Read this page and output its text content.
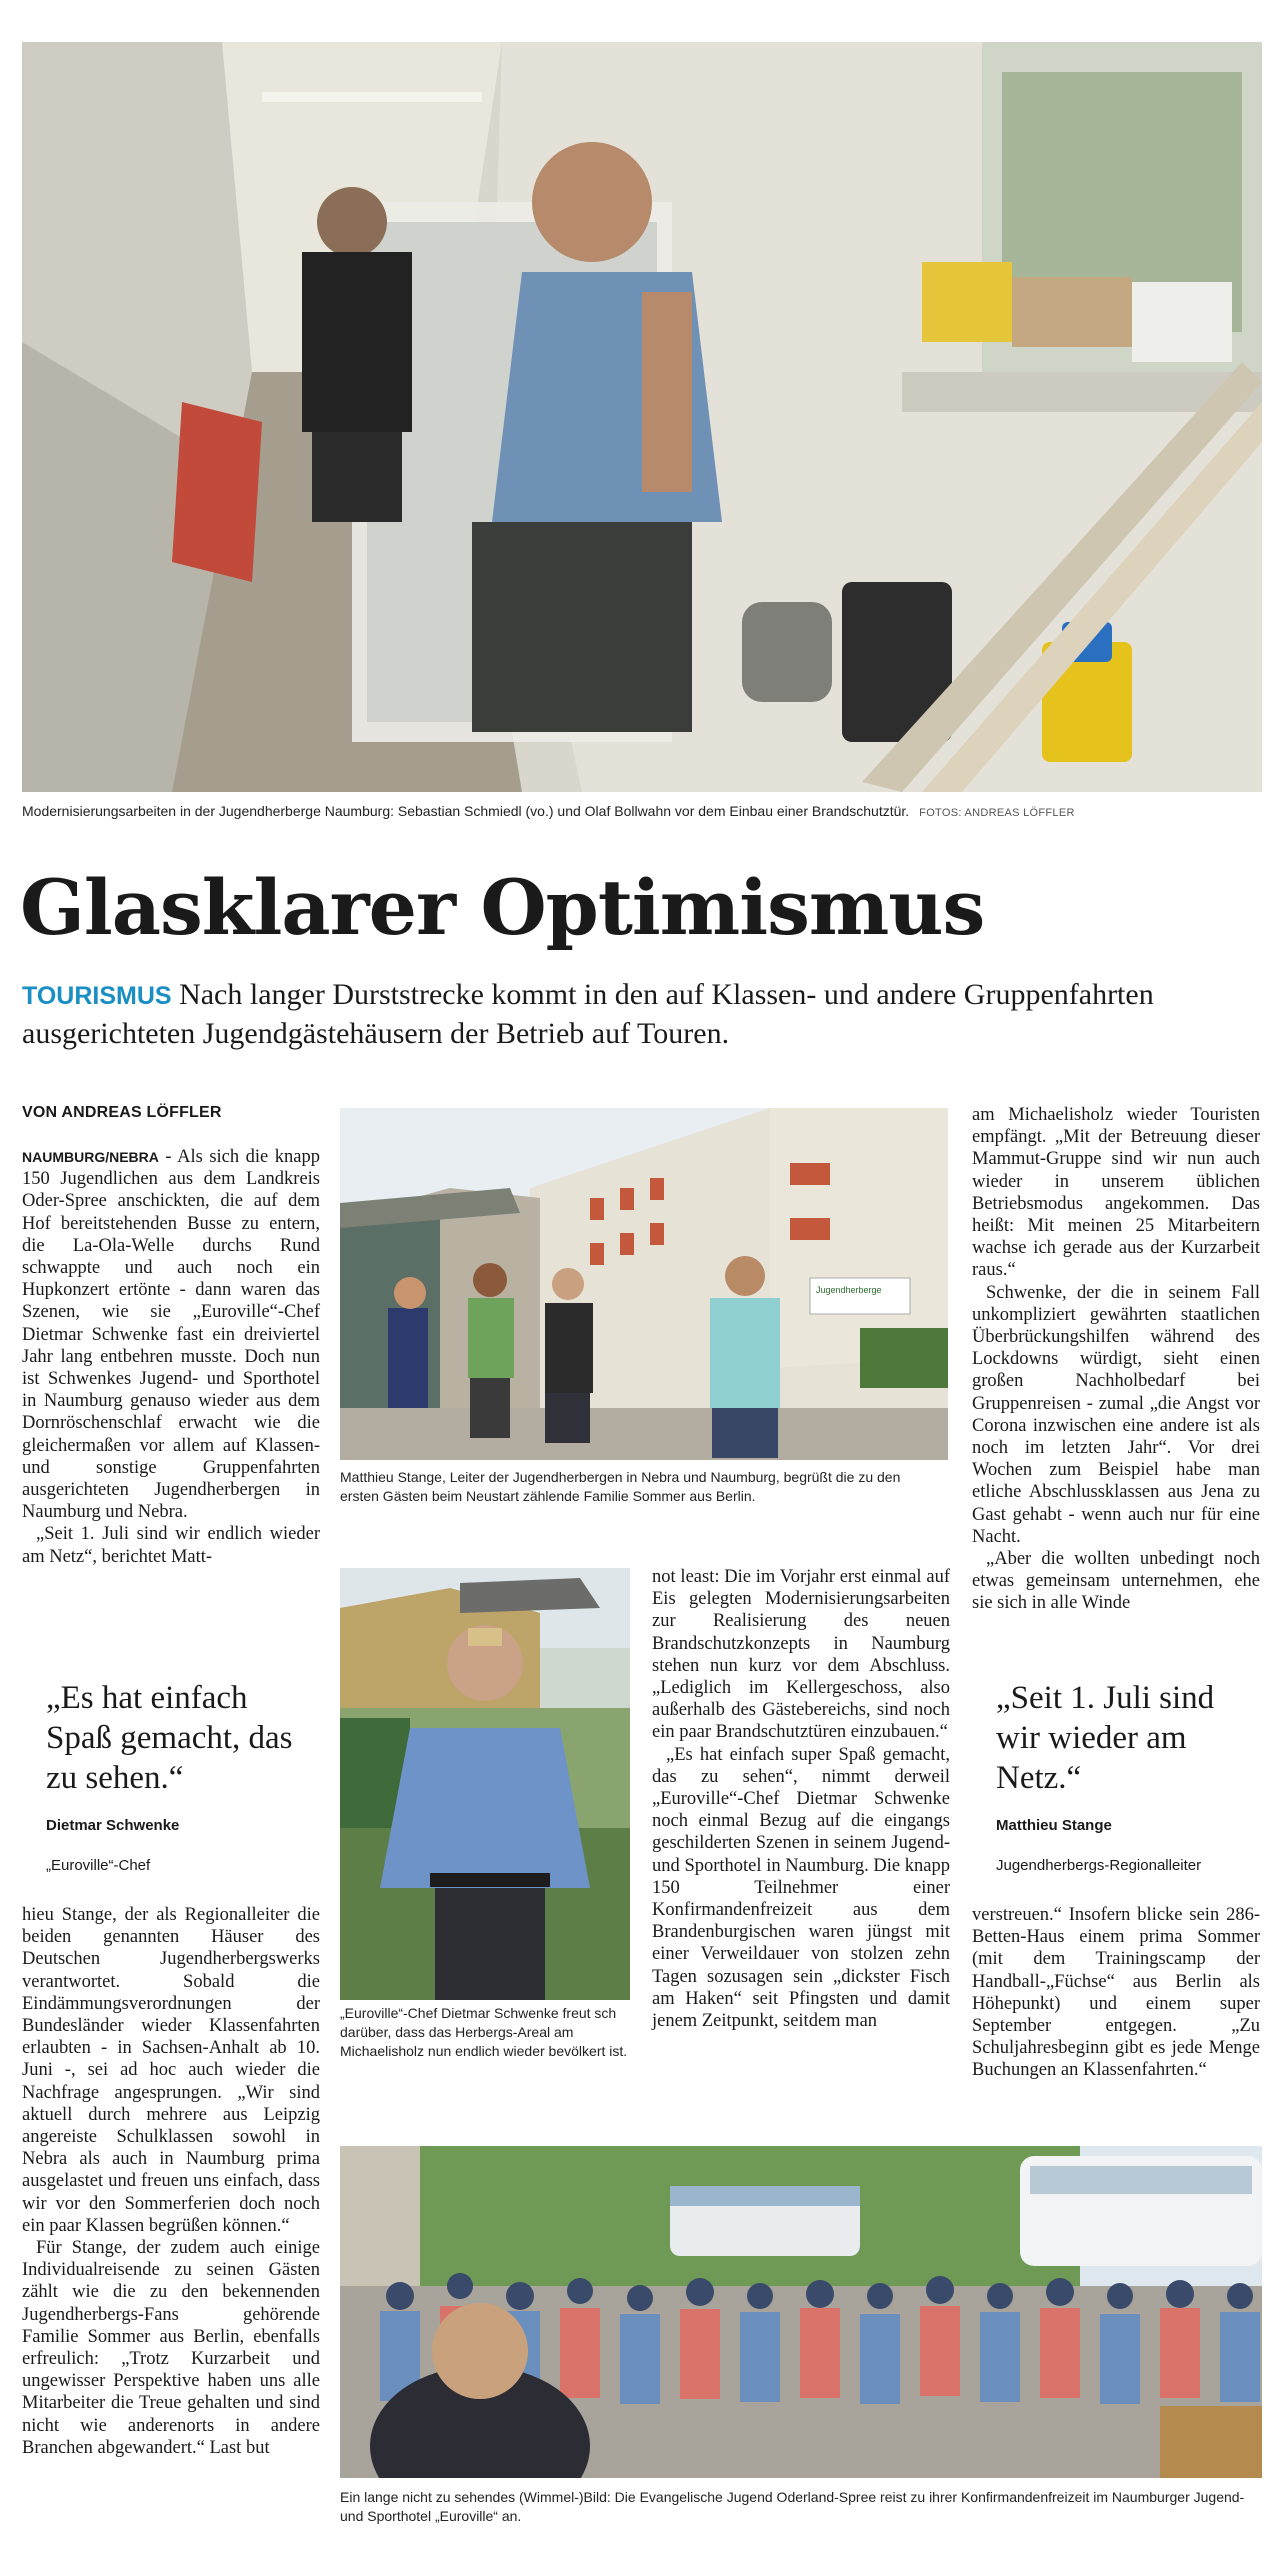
Modernisierungsarbeiten in der Jugendherberge Naumburg: Sebastian Schmiedl (vo.) und Olaf Bollwahn vor dem Einbau einer Brandschutztür. FOTOS: ANDREAS LÖFFLER
Glasklarer Optimismus
TOURISMUS Nach langer Durststrecke kommt in den auf Klassen- und andere Gruppenfahrten ausgerichteten Jugendgästehäusern der Betrieb auf Touren.
VON ANDREAS LÖFFLER

NAUMBURG/NEBRA - Als sich die knapp 150 Jugendlichen aus dem Landkreis Oder-Spree anschickten, die auf dem Hof bereitstehenden Busse zu entern, die La-Ola-Welle durchs Rund schwappte und auch noch ein Hupkonzert ertönte - dann waren das Szenen, wie sie „Euroville“-Chef Dietmar Schwenke fast ein dreiviertel Jahr lang entbehren musste. Doch nun ist Schwenkes Jugend- und Sporthotel in Naumburg genauso wieder aus dem Dornröschenschlaf erwacht wie die gleichermaßen vor allem auf Klassen- und sonstige Gruppenfahrten ausgerichteten Jugendherbergen in Naumburg und Nebra.

„Seit 1. Juli sind wir endlich wieder am Netz“, berichtet Matt-

„Es hat einfach Spaß gemacht, das zu sehen.“
Dietmar Schwenke
„Euroville“-Chef

hieu Stange, der als Regionalleiter die beiden genannten Häuser des Deutschen Jugendherbergswerks verantwortet. Sobald die Eindämmungsverordnungen der Bundesländer wieder Klassenfahrten erlaubten - in Sachsen-Anhalt ab 10. Juni -, sei ad hoc auch wieder die Nachfrage angesprungen. „Wir sind aktuell durch mehrere aus Leipzig angereiste Schulklassen sowohl in Nebra als auch in Naumburg prima ausgelastet und freuen uns einfach, dass wir vor den Sommerferien doch noch ein paar Klassen begrüßen können.“

Für Stange, der zudem auch einige Individualreisende zu seinen Gästen zählt wie die zu den bekennenden Jugendherbergs-Fans gehörende Familie Sommer aus Berlin, ebenfalls erfreulich: „Trotz Kurzarbeit und ungewisser Perspektive haben uns alle Mitarbeiter die Treue gehalten und sind nicht wie anderenorts in andere Branchen abgewandert.“ Last but

Jugendherberge
Matthieu Stange, Leiter der Jugendherbergen in Nebra und Naumburg, begrüßt die zu den ersten Gästen beim Neustart zählende Familie Sommer aus Berlin.
„Euroville“-Chef Dietmar Schwenke freut sch darüber, dass das Herbergs-Areal am Michaelisholz nun endlich wieder bevölkert ist.

not least: Die im Vorjahr erst einmal auf Eis gelegten Modernisierungsarbeiten zur Realisierung des neuen Brandschutzkonzepts in Naumburg stehen nun kurz vor dem Abschluss. „Lediglich im Kellergeschoss, also außerhalb des Gästebereichs, sind noch ein paar Brandschutztüren einzubauen.“

„Es hat einfach super Spaß gemacht, das zu sehen“, nimmt derweil „Euroville“-Chef Dietmar Schwenke noch einmal Bezug auf die eingangs geschilderten Szenen in seinem Jugend- und Sporthotel in Naumburg. Die knapp 150 Teilnehmer einer Konfirmandenfreizeit aus dem Brandenburgischen waren jüngst mit einer Verweildauer von stolzen zehn Tagen sozusagen sein „dickster Fisch am Haken“ seit Pfingsten und damit jenem Zeitpunkt, seitdem man

am Michaelisholz wieder Touristen empfängt. „Mit der Betreuung dieser Mammut-Gruppe sind wir nun auch wieder in unserem üblichen Betriebsmodus angekommen. Das heißt: Mit meinen 25 Mitarbeitern wachse ich gerade aus der Kurzarbeit raus.“

Schwenke, der die in seinem Fall unkompliziert gewährten staatlichen Überbrückungshilfen während des Lockdowns würdigt, sieht einen großen Nachholbedarf bei Gruppenreisen - zumal „die Angst vor Corona inzwischen eine andere ist als noch im letzten Jahr“. Vor drei Wochen zum Beispiel habe man etliche Abschlussklassen aus Jena zu Gast gehabt - wenn auch nur für eine Nacht.

„Aber die wollten unbedingt noch etwas gemeinsam unternehmen, ehe sie sich in alle Winde

„Seit 1. Juli sind wir wieder am Netz.“
Matthieu Stange
Jugendherbergs-Regionalleiter

verstreuen.“ Insofern blicke sein 286-Betten-Haus einem prima Sommer (mit dem Trainingscamp der Handball-„Füchse“ aus Berlin als Höhepunkt) und einem super September entgegen. „Zu Schuljahresbeginn gibt es jede Menge Buchungen an Klassenfahrten.“

Ein lange nicht zu sehendes (Wimmel-)Bild: Die Evangelische Jugend Oderland-Spree reist zu ihrer Konfirmandenfreizeit im Naumburger Jugend- und Sporthotel „Euroville“ an.
